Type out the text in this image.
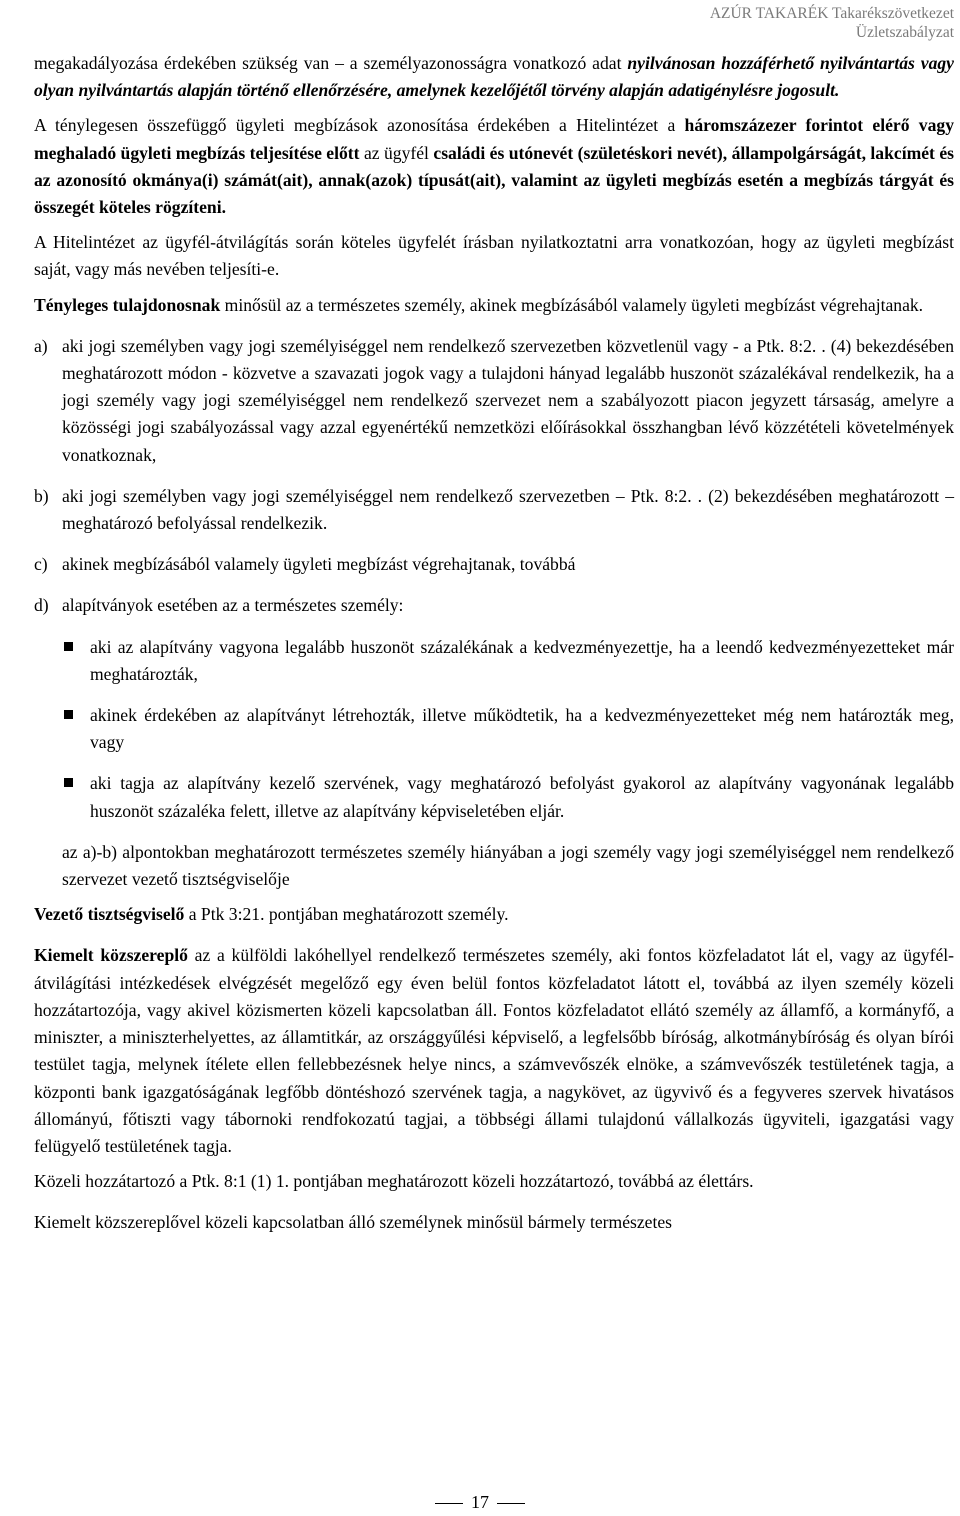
AZÚR TAKARÉK Takarékszövetkezet
Üzletszabályzat

megakadályozása érdekében szükség van – a személyazonosságra vonatkozó adat nyilvánosan hozzáférhető nyilvántartás vagy olyan nyilvántartás alapján történő ellenőrzésére, amelynek kezelőjétől törvény alapján adatigénylésre jogosult.

A ténylegesen összefüggő ügyleti megbízások azonosítása érdekében a Hitelintézet a háromszázezer forintot elérő vagy meghaladó ügyleti megbízás teljesítése előtt az ügyfél családi és utónevét (születéskori nevét), állampolgárságát, lakcímét és az azonosító okmánya(i) számát(ait), annak(azok) típusát(ait), valamint az ügyleti megbízás esetén a megbízás tárgyát és összegét köteles rögzíteni.

A Hitelintézet az ügyfél-átvilágítás során köteles ügyfelét írásban nyilatkoztatni arra vonatkozóan, hogy az ügyleti megbízást saját, vagy más nevében teljesíti-e.

Tényleges tulajdonosnak minősül az a természetes személy, akinek megbízásából valamely ügyleti megbízást végrehajtanak.

a) aki jogi személyben vagy jogi személyiséggel nem rendelkező szervezetben közvetlenül vagy - a Ptk. 8:2. . (4) bekezdésében meghatározott módon - közvetve a szavazati jogok vagy a tulajdoni hányad legalább huszonöt százalékával rendelkezik, ha a jogi személy vagy jogi személyiséggel nem rendelkező szervezet nem a szabályozott piacon jegyzett társaság, amelyre a közösségi jogi szabályozással vagy azzal egyenértékű nemzetközi előírásokkal összhangban lévő közzétételi követelmények vonatkoznak,
b) aki jogi személyben vagy jogi személyiséggel nem rendelkező szervezetben – Ptk. 8:2. . (2) bekezdésében meghatározott – meghatározó befolyással rendelkezik.
c) akinek megbízásából valamely ügyleti megbízást végrehajtanak, továbbá
d) alapítványok esetében az a természetes személy:
aki az alapítvány vagyona legalább huszonöt százalékának a kedvezményezettje, ha a leendő kedvezményezetteket már meghatározták,
akinek érdekében az alapítványt létrehozták, illetve működtetik, ha a kedvezményezetteket még nem határozták meg, vagy
aki tagja az alapítvány kezelő szervének, vagy meghatározó befolyást gyakorol az alapítvány vagyonának legalább huszonöt százaléka felett, illetve az alapítvány képviseletében eljár.

az a)-b) alpontokban meghatározott természetes személy hiányában a jogi személy vagy jogi személyiséggel nem rendelkező szervezet vezető tisztségviselője

Vezető tisztségviselő a Ptk 3:21. pontjában meghatározott személy.

Kiemelt közszereplő az a külföldi lakóhellyel rendelkező természetes személy, aki fontos közfeladatot lát el, vagy az ügyfél-átvilágítási intézkedések elvégzését megelőző egy éven belül fontos közfeladatot látott el, továbbá az ilyen személy közeli hozzátartozója, vagy akivel közismerten közeli kapcsolatban áll. Fontos közfeladatot ellátó személy az államfő, a kormányfő, a miniszter, a miniszterhelyettes, az államtitkár, az országgyűlési képviselő, a legfelsőbb bíróság, alkotmánybíróság és olyan bírói testület tagja, melynek ítélete ellen fellebbezésnek helye nincs, a számvevőszék elnöke, a számvevőszék testületének tagja, a központi bank igazgatóságának legfőbb döntéshozó szervének tagja, a nagykövet, az ügyvivő és a fegyveres szervek hivatásos állományú, főtiszti vagy tábornoki rendfokozatú tagjai, a többségi állami tulajdonú vállalkozás ügyviteli, igazgatási vagy felügyelő testületének tagja.

Közeli hozzátartozó a Ptk. 8:1 (1) 1. pontjában meghatározott közeli hozzátartozó, továbbá az élettárs.

Kiemelt közszereplővel közeli kapcsolatban álló személynek minősül bármely természetes

17
